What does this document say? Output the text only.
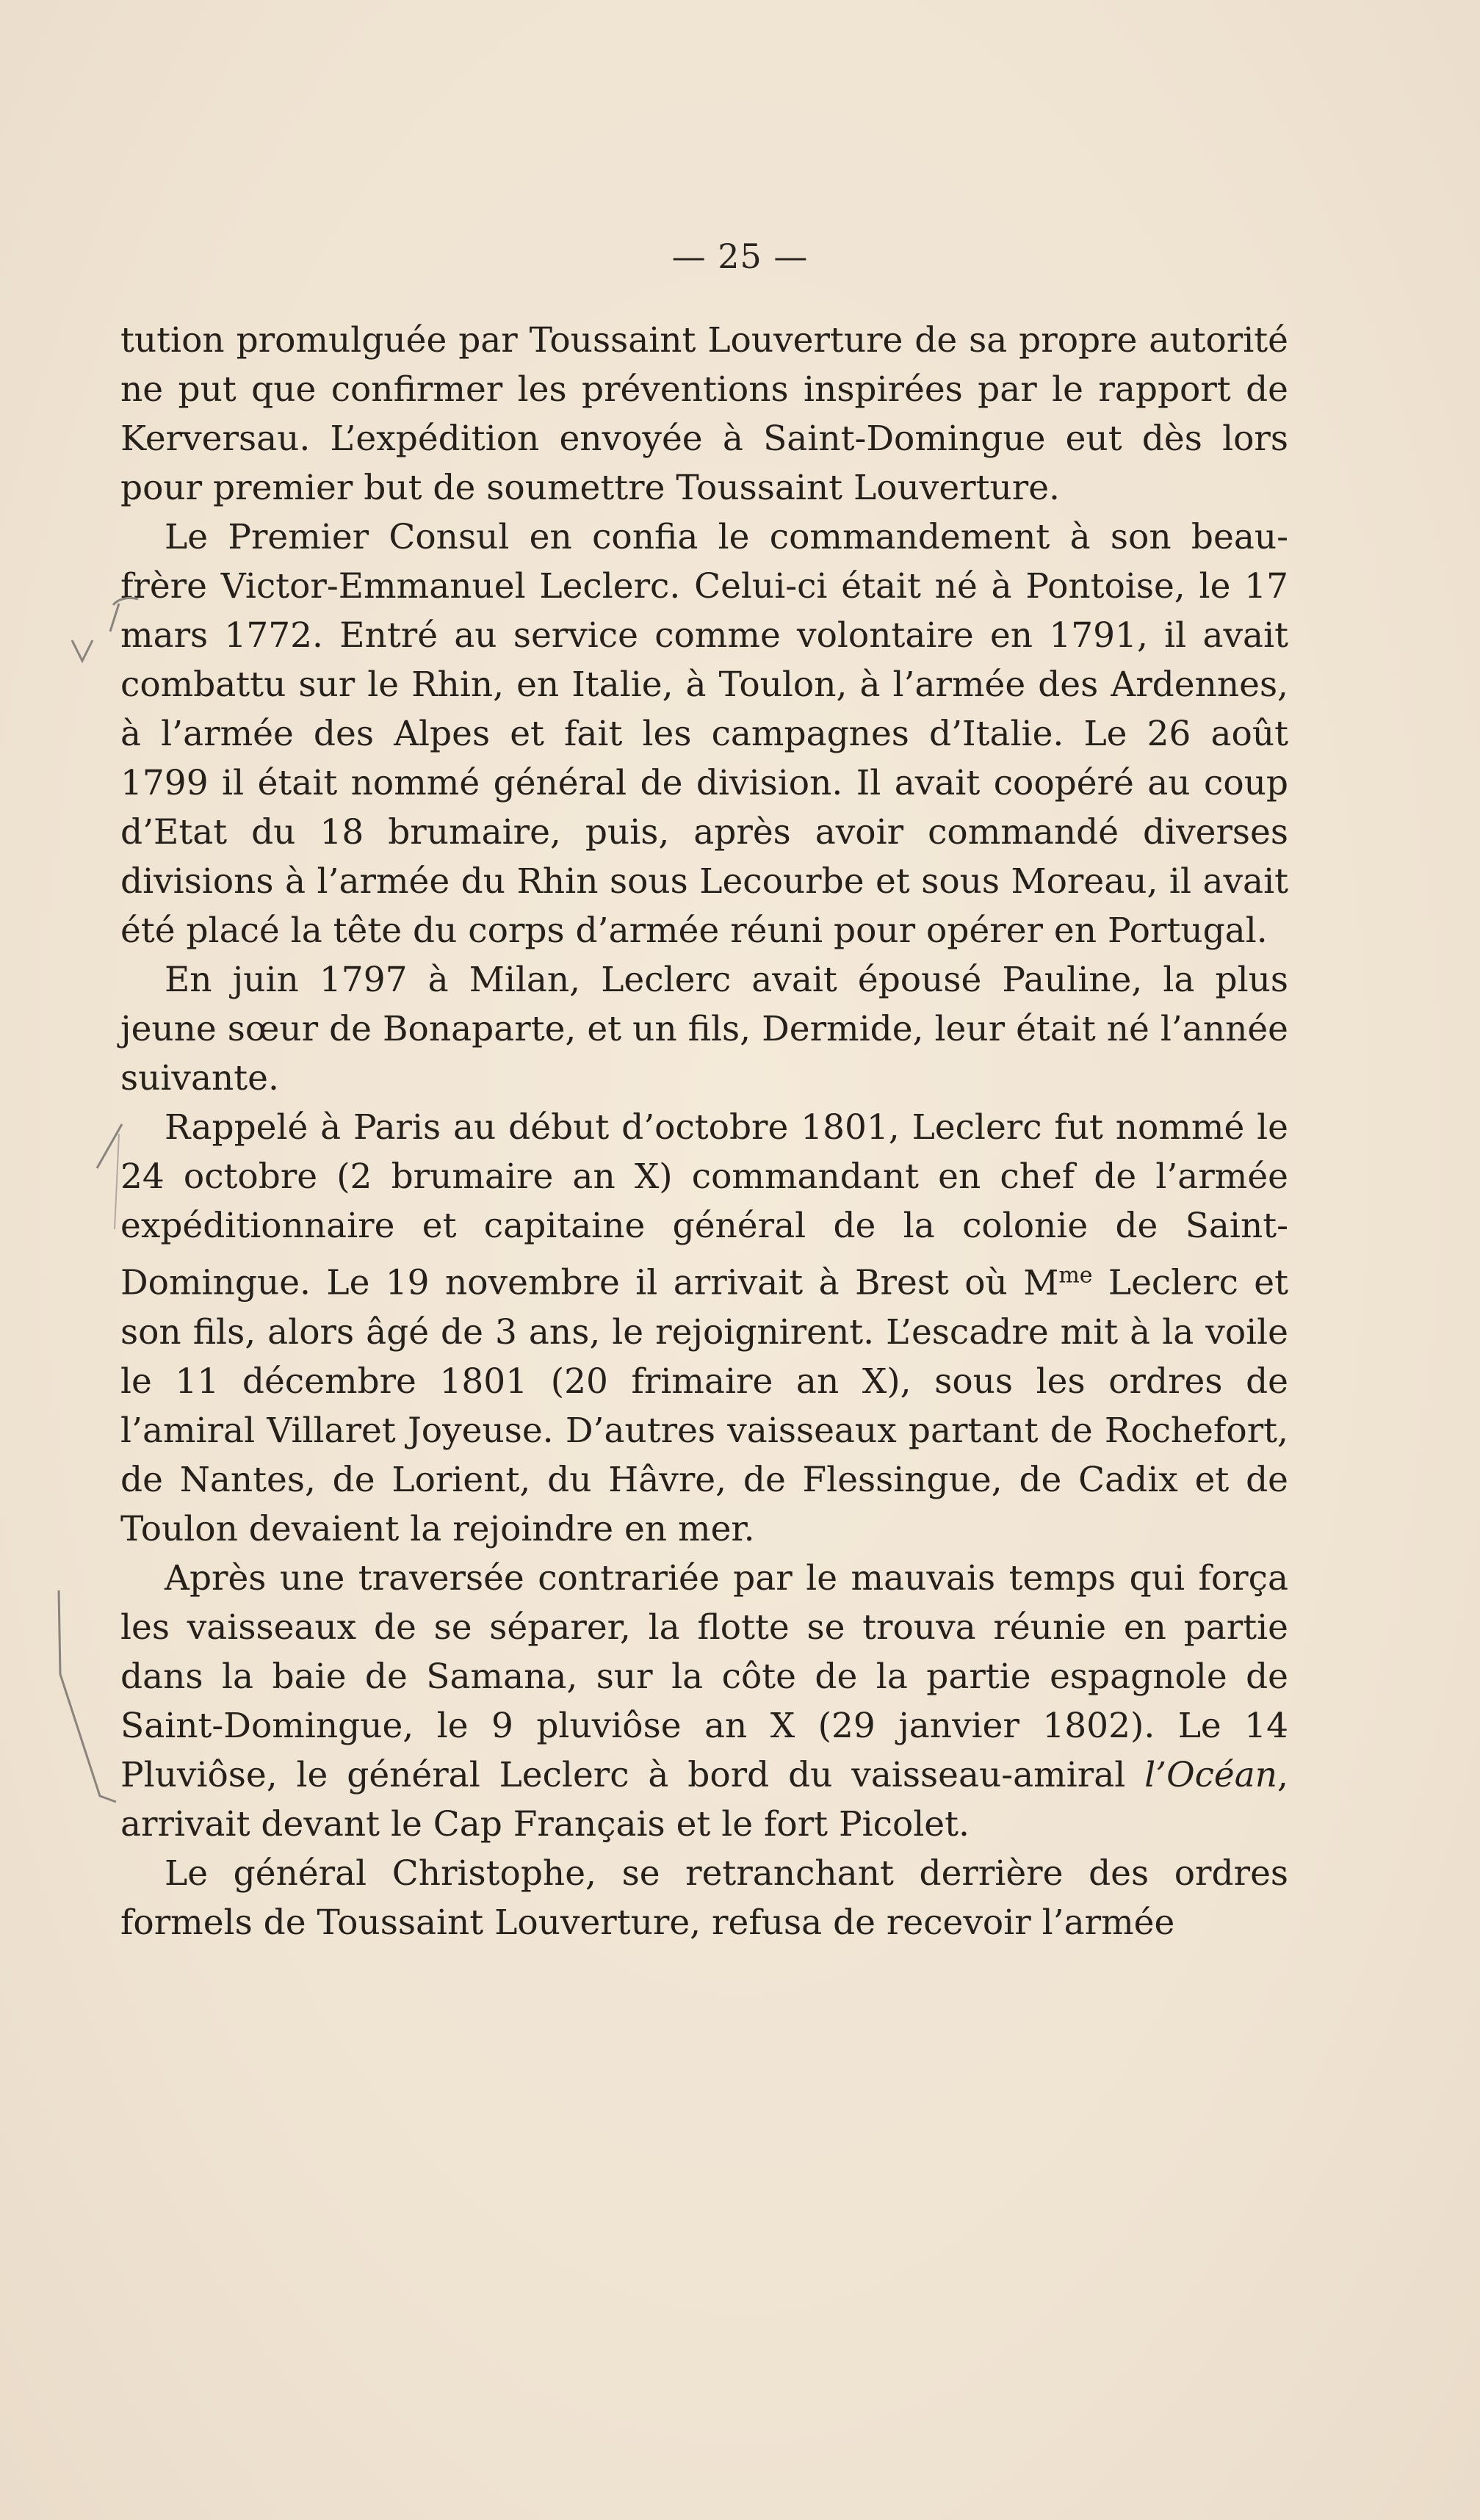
— 25 —

tution promulguée par Toussaint Louverture de sa propre autorité ne put que confirmer les préventions inspirées par le rapport de Kerversau. L’expédition envoyée à Saint-Domingue eut dès lors pour premier but de soumettre Toussaint Louverture.

Le Premier Consul en confia le commandement à son beau-frère Victor-Emmanuel Leclerc. Celui-ci était né à Pontoise, le 17 mars 1772. Entré au service comme volontaire en 1791, il avait combattu sur le Rhin, en Italie, à Toulon, à l’armée des Ardennes, à l’armée des Alpes et fait les campagnes d’Italie. Le 26 août 1799 il était nommé général de division. Il avait coopéré au coup d’Etat du 18 brumaire, puis, après avoir commandé diverses divisions à l’armée du Rhin sous Lecourbe et sous Moreau, il avait été placé la tête du corps d’armée réuni pour opérer en Portugal.

En juin 1797 à Milan, Leclerc avait épousé Pauline, la plus jeune sœur de Bonaparte, et un fils, Dermide, leur était né l’année suivante.

Rappelé à Paris au début d’octobre 1801, Leclerc fut nommé le 24 octobre (2 brumaire an X) commandant en chef de l’armée expéditionnaire et capitaine général de la colonie de Saint-Domingue. Le 19 novembre il arrivait à Brest où $M^{me}$ Leclerc et son fils, alors âgé de 3 ans, le rejoignirent. L’escadre mit à la voile le 11 décembre 1801 (20 frimaire an X), sous les ordres de l’amiral Villaret Joyeuse. D’autres vaisseaux partant de Rochefort, de Nantes, de Lorient, du Hâvre, de Flessingue, de Cadix et de Toulon devaient la rejoindre en mer.

Après une traversée contrariée par le mauvais temps qui força les vaisseaux de se séparer, la flotte se trouva réunie en partie dans la baie de Samana, sur la côte de la partie espagnole de Saint-Domingue, le 9 pluviôse an X (29 janvier 1802). Le 14 Pluviôse, le général Leclerc à bord du vaisseau-amiral l’Océan, arrivait devant le Cap Français et le fort Picolet.

Le général Christophe, se retranchant derrière des ordres formels de Toussaint Louverture, refusa de recevoir l’armée
